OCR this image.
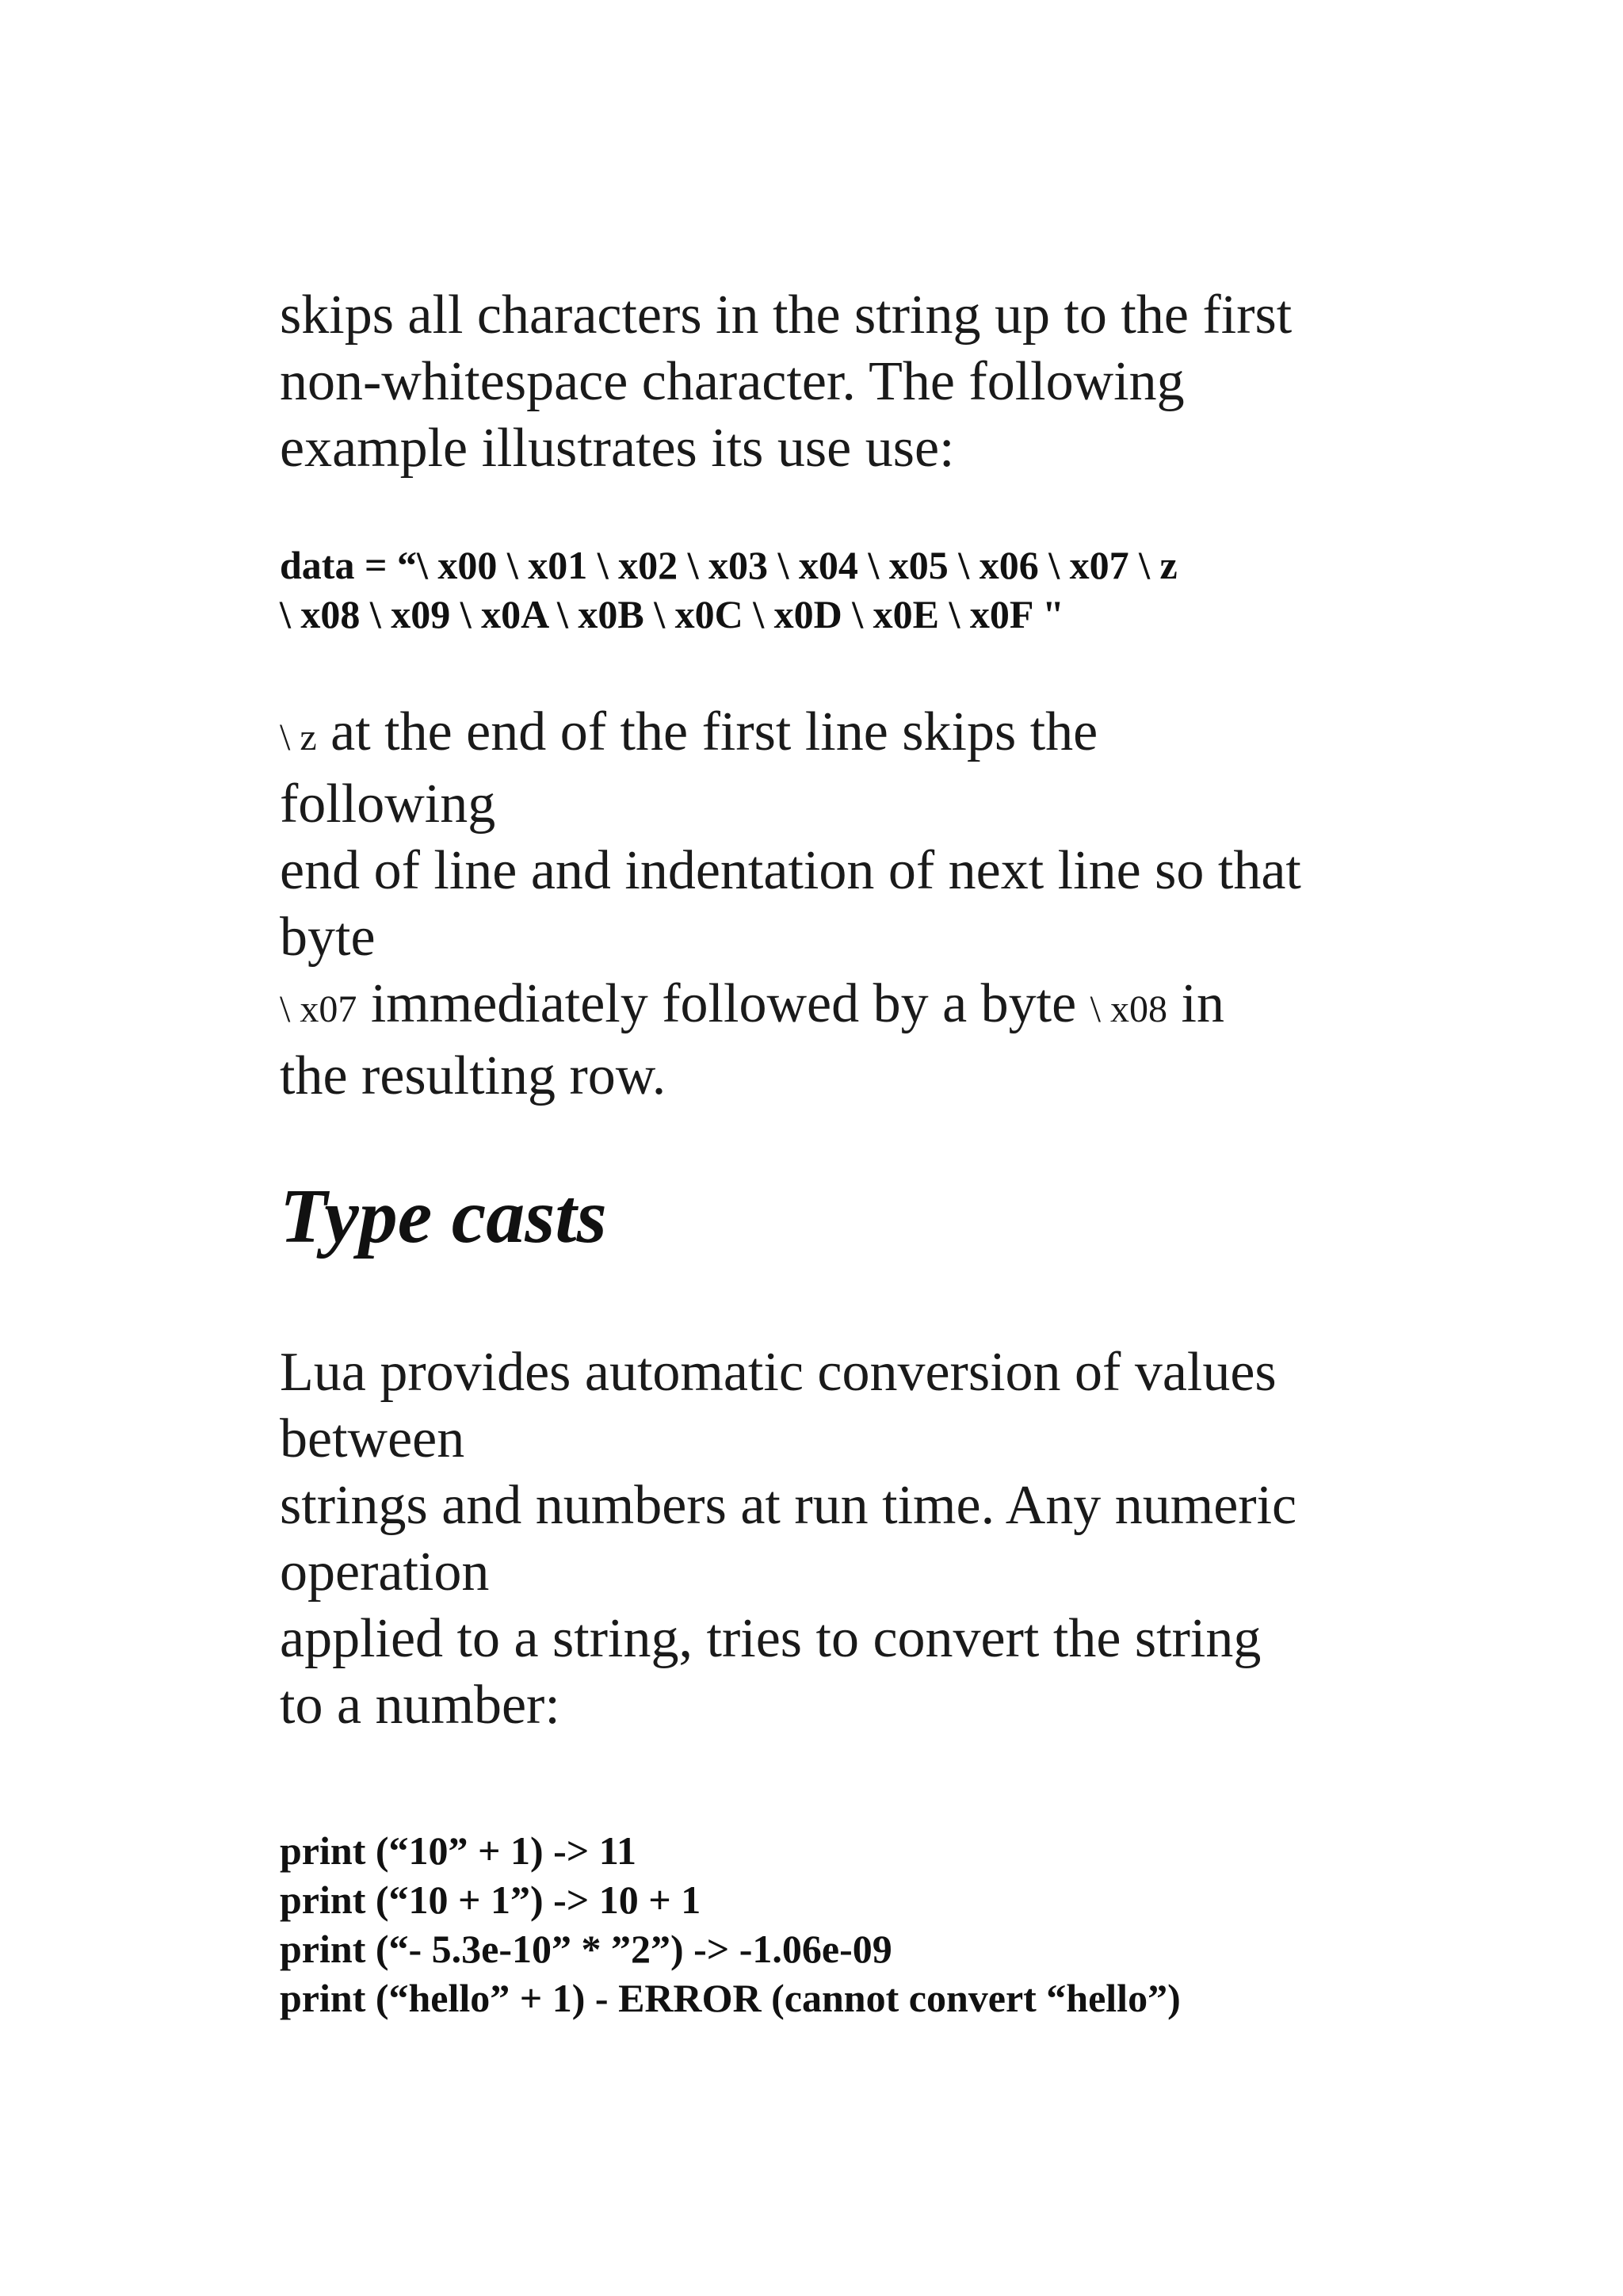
skips all characters in the string up to the first
non-whitespace character. The following
example illustrates its use use:
data = “\ x00 \ x01 \ x02 \ x03 \ x04 \ x05 \ x06 \ x07 \ z
\ x08 \ x09 \ x0A \ x0B \ x0C \ x0D \ x0E \ x0F "
\ z at the end of the first line skips the
following
end of line and indentation of next line so that
byte
\ x07 immediately followed by a byte \ x08 in
the resulting row.
Type casts
Lua provides automatic conversion of values
between
strings and numbers at run time. Any numeric
operation
applied to a string, tries to convert the string
to a number:
print (“10” + 1) -> 11
print (“10 + 1”) -> 10 + 1
print (“- 5.3e-10” * ”2”) -> -1.06e-09
print (“hello” + 1) - ERROR (cannot convert “hello”)
